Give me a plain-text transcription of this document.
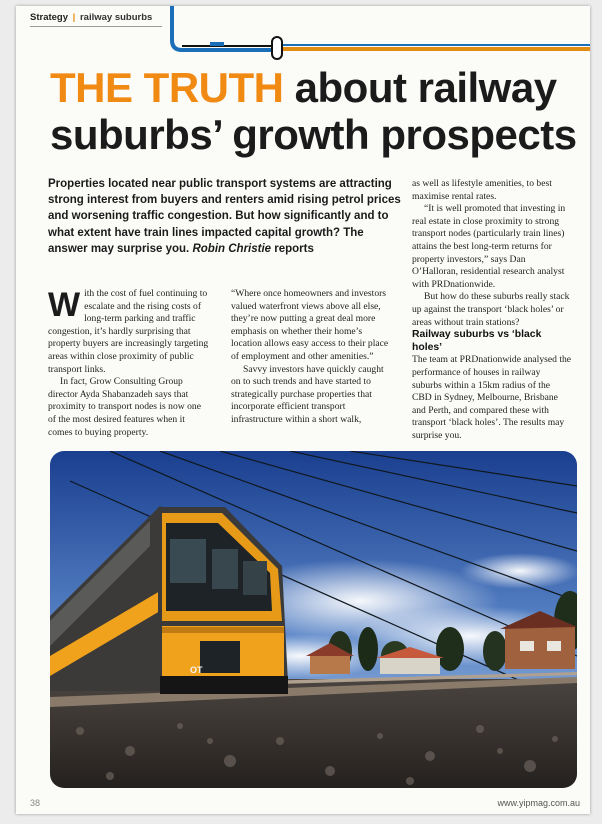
Strategy | railway suburbs
THE TRUTH about railway
suburbs’ growth prospects
Properties located near public transport systems are attracting strong interest from buyers and renters amid rising petrol prices and worsening traffic congestion. But how significantly and to what extent have train lines impacted capital growth? The answer may surprise you. Robin Christie reports

With the cost of fuel continuing to escalate and the rising costs of long-term parking and traffic congestion, it’s hardly surprising that property buyers are increasingly targeting areas within close proximity of public transport links.

In fact, Grow Consulting Group director Ayda Shabanzadeh says that proximity to transport nodes is now one of the most desired features when it comes to buying property.

“Where once homeowners and investors valued waterfront views above all else, they’re now putting a great deal more emphasis on whether their home’s location allows easy access to their place of employment and other amenities.”

Savvy investors have quickly caught on to such trends and have started to strategically purchase properties that incorporate efficient transport infrastructure within a short walk,

as well as lifestyle amenities, to best maximise rental rates.

“It is well promoted that investing in real estate in close proximity to strong transport nodes (particularly train lines) attains the best long-term returns for property investors,” says Dan O’Halloran, residential research analyst with PRDnationwide.

But how do these suburbs really stack up against the transport ‘black holes’ or areas without train stations?

Railway suburbs vs ‘black holes’

The team at PRDnationwide analysed the performance of houses in railway suburbs within a 15km radius of the CBD in Sydney, Melbourne, Brisbane and Perth, and compared these with transport ‘black holes’. The results may surprise you.

OT
38	www.yipmag.com.au
